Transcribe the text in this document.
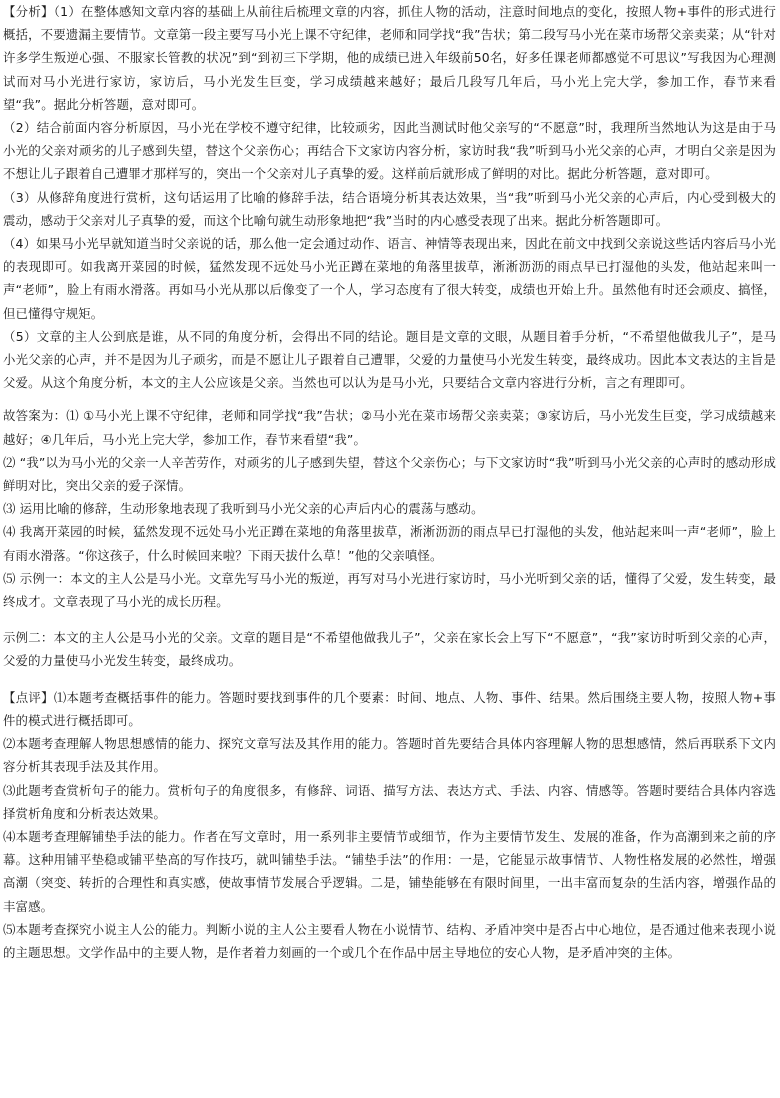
【分析】（1）在整体感知文章内容的基础上从前往后梳理文章的内容，抓住人物的活动，注意时间地点的变化，按照人物+事件的形式进行概括，不要遗漏主要情节。文章第一段主要写马小光上课不守纪律，老师和同学找“我”告状；第二段写马小光在菜市场帮父亲卖菜；从“针对许多学生叛逆心强、不服家长管教的状况”到“到初三下学期，他的成绩已进入年级前50名，好多任课老师都感觉不可思议”写我因为心理测试而对马小光进行家访，家访后，马小光发生巨变，学习成绩越来越好；最后几段写几年后，马小光上完大学，参加工作，春节来看望“我”。据此分析答题，意对即可。

（2）结合前面内容分析原因，马小光在学校不遵守纪律，比较顽劣，因此当测试时他父亲写的“不愿意”时，我理所当然地认为这是由于马小光的父亲对顽劣的儿子感到失望，替这个父亲伤心；再结合下文家访内容分析，家访时我“我”听到马小光父亲的心声，才明白父亲是因为不想让儿子跟着自己遭罪才那样写的，突出一个父亲对儿子真挚的爱。这样前后就形成了鲜明的对比。据此分析答题，意对即可。

（3）从修辞角度进行赏析，这句话运用了比喻的修辞手法，结合语境分析其表达效果，当“我”听到马小光父亲的心声后，内心受到极大的震动，感动于父亲对儿子真挚的爱，而这个比喻句就生动形象地把“我”当时的内心感受表现了出来。据此分析答题即可。

（4）如果马小光早就知道当时父亲说的话，那么他一定会通过动作、语言、神情等表现出来，因此在前文中找到父亲说这些话内容后马小光的表现即可。如我离开菜园的时候，猛然发现不远处马小光正蹲在菜地的角落里拔草，淅淅沥沥的雨点早已打湿他的头发，他站起来叫一声“老师”，脸上有雨水滑落。再如马小光从那以后像变了一个人，学习态度有了很大转变，成绩也开始上升。虽然他有时还会顽皮、搞怪，但已懂得守规矩。

（5）文章的主人公到底是谁，从不同的角度分析，会得出不同的结论。题目是文章的文眼，从题目着手分析，“不希望他做我儿子”，是马小光父亲的心声，并不是因为儿子顽劣，而是不愿让儿子跟着自己遭罪，父爱的力量使马小光发生转变，最终成功。因此本文表达的主旨是父爱。从这个角度分析，本文的主人公应该是父亲。当然也可以认为是马小光，只要结合文章内容进行分析，言之有理即可。

故答案为：⑴ ①马小光上课不守纪律，老师和同学找“我”告状；②马小光在菜市场帮父亲卖菜；③家访后，马小光发生巨变，学习成绩越来越好；④几年后，马小光上完大学，参加工作，春节来看望“我”。

⑵ “我”以为马小光的父亲一人辛苦劳作，对顽劣的儿子感到失望，替这个父亲伤心；与下文家访时“我”听到马小光父亲的心声时的感动形成鲜明对比，突出父亲的爱子深情。

⑶ 运用比喻的修辞，生动形象地表现了我听到马小光父亲的心声后内心的震荡与感动。

⑷ 我离开菜园的时候，猛然发现不远处马小光正蹲在菜地的角落里拔草，淅淅沥沥的雨点早已打湿他的头发，他站起来叫一声“老师”，脸上有雨水滑落。“你这孩子，什么时候回来啦？下雨天拔什么草！”他的父亲嗔怪。

⑸ 示例一：本文的主人公是马小光。文章先写马小光的叛逆，再写对马小光进行家访时，马小光听到父亲的话，懂得了父爱，发生转变，最终成才。文章表现了马小光的成长历程。

示例二：本文的主人公是马小光的父亲。文章的题目是“不希望他做我儿子”，父亲在家长会上写下“不愿意”，“我”家访时听到父亲的心声，父爱的力量使马小光发生转变，最终成功。

【点评】⑴本题考查概括事件的能力。答题时要找到事件的几个要素：时间、地点、人物、事件、结果。然后围绕主要人物，按照人物+事件的模式进行概括即可。

⑵本题考查理解人物思想感情的能力、探究文章写法及其作用的能力。答题时首先要结合具体内容理解人物的思想感情，然后再联系下文内容分析其表现手法及其作用。

⑶此题考查赏析句子的能力。赏析句子的角度很多，有修辞、词语、描写方法、表达方式、手法、内容、情感等。答题时要结合具体内容选择赏析角度和分析表达效果。

⑷本题考查理解铺垫手法的能力。作者在写文章时，用一系列非主要情节或细节，作为主要情节发生、发展的准备，作为高潮到来之前的序幕。这种用铺平垫稳或铺平垫高的写作技巧，就叫铺垫手法。“铺垫手法”的作用：一是，它能显示故事情节、人物性格发展的必然性，增强高潮（突变、转折的合理性和真实感，使故事情节发展合乎逻辑。二是，铺垫能够在有限时间里，一出丰富而复杂的生活内容，增强作品的丰富感。

⑸本题考查探究小说主人公的能力。判断小说的主人公主要看人物在小说情节、结构、矛盾冲突中是否占中心地位，是否通过他来表现小说的主题思想。文学作品中的主要人物，是作者着力刻画的一个或几个在作品中居主导地位的安心人物，是矛盾冲突的主体。
